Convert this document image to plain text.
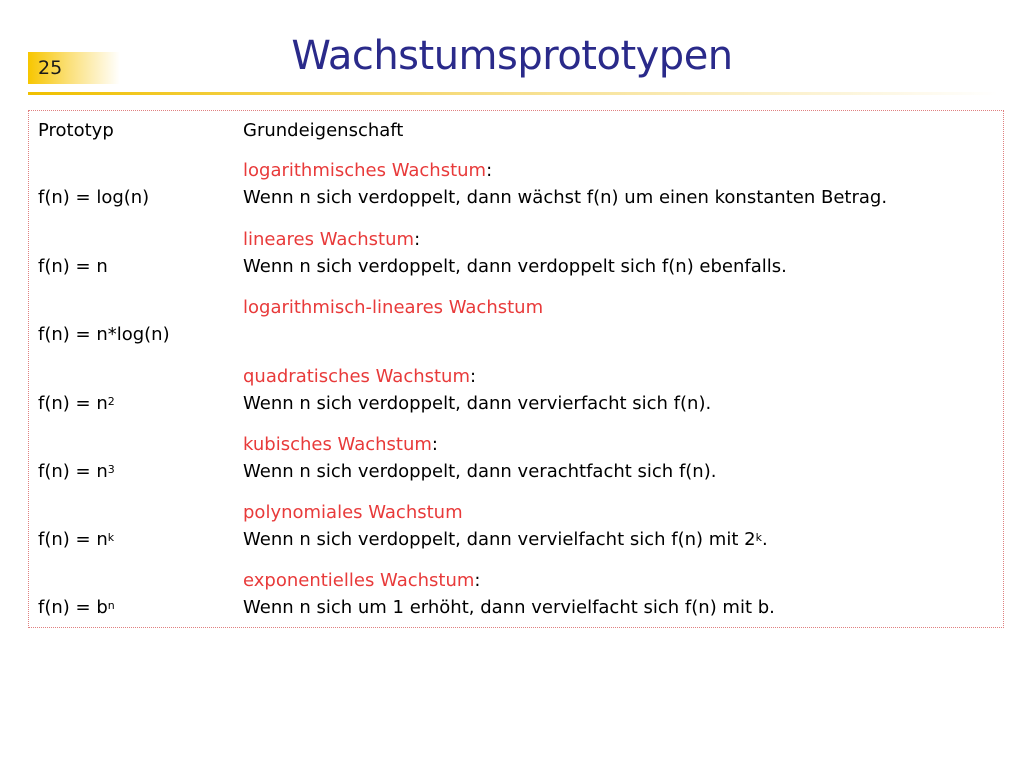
25	Wachstumsprototypen
Prototyp	Grundeigenschaft
logarithmisches Wachstum:
f(n) = log(n)	Wenn n sich verdoppelt, dann wächst f(n) um einen konstanten Betrag.
lineares Wachstum:
f(n) = n	Wenn n sich verdoppelt, dann verdoppelt sich f(n) ebenfalls.
logarithmisch-lineares Wachstum
f(n) = n*log(n)
quadratisches Wachstum:
$f(n) = n^2$	Wenn n sich verdoppelt, dann vervierfacht sich f(n).
kubisches Wachstum:
$f(n) = n^3$	Wenn n sich verdoppelt, dann verachtfacht sich f(n).
polynomiales Wachstum
$f(n) = n^k$	Wenn n sich verdoppelt, dann vervielfacht sich f(n) mit 2$^k$.
exponentielles Wachstum:
$f(n) = b^n$	Wenn n sich um 1 erhöht, dann vervielfacht sich f(n) mit b.
